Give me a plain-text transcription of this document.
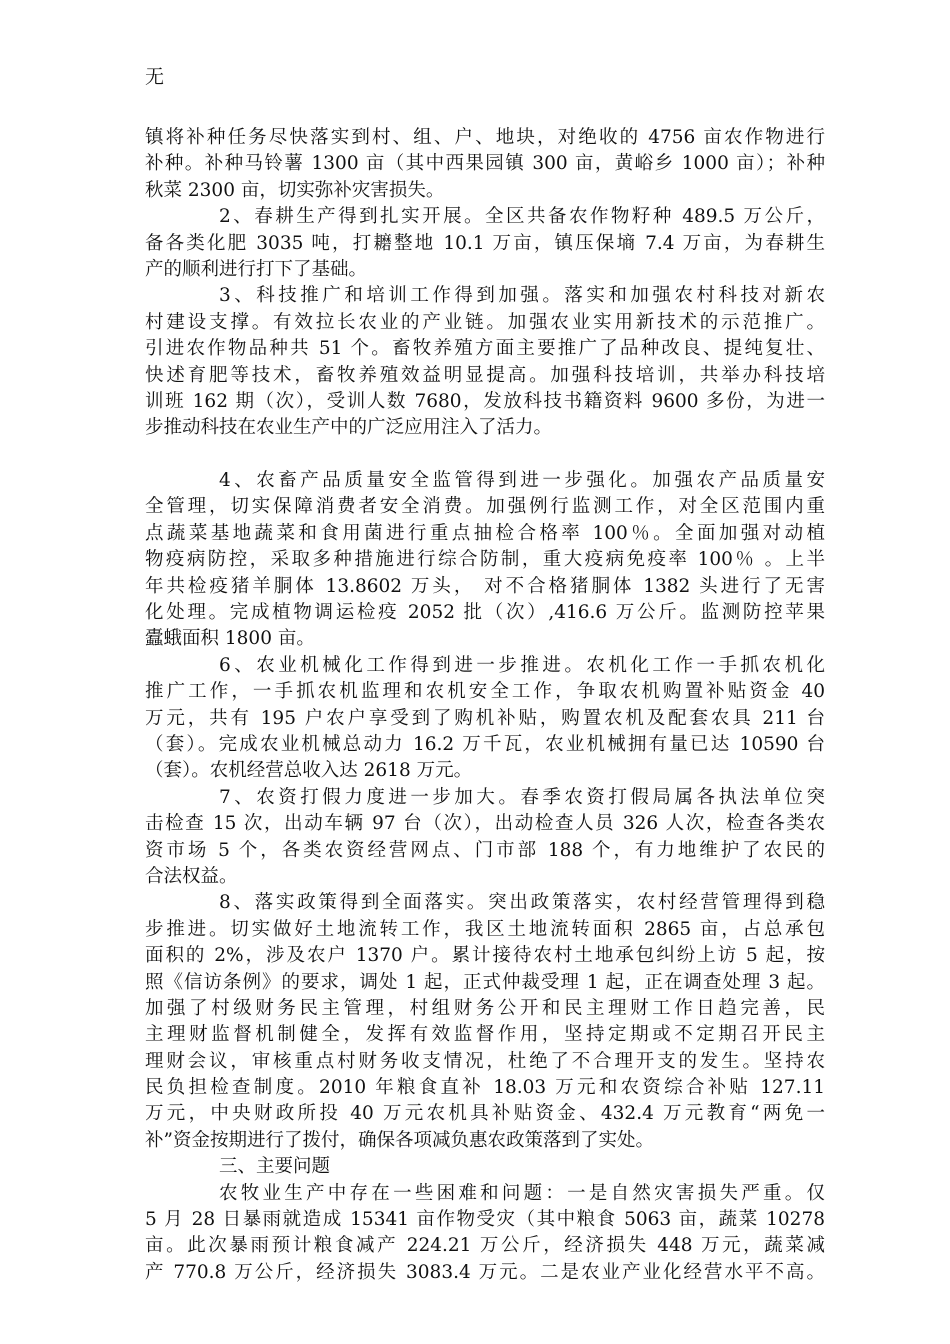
无
镇将补种任务尽快落实到村、组、户、地块，对绝收的 4756 亩农作物进行
补种。补种马铃薯 1300 亩（其中西果园镇 300 亩，黄峪乡 1000 亩）；补种
秋菜 2300 亩，切实弥补灾害损失。
2、春耕生产得到扎实开展。全区共备农作物籽种 489.5 万公斤，
备各类化肥 3035 吨，打耱整地 10.1 万亩，镇压保墒 7.4 万亩，为春耕生
产的顺利进行打下了基础。
3、科技推广和培训工作得到加强。落实和加强农村科技对新农
村建设支撑。有效拉长农业的产业链。加强农业实用新技术的示范推广。
引进农作物品种共 51 个。畜牧养殖方面主要推广了品种改良、提纯复壮、
快述育肥等技术，畜牧养殖效益明显提高。加强科技培训，共举办科技培
训班 162 期（次），受训人数 7680，发放科技书籍资料 9600 多份，为进一
步推动科技在农业生产中的广泛应用注入了活力。
4、农畜产品质量安全监管得到进一步强化。加强农产品质量安
全管理，切实保障消费者安全消费。加强例行监测工作，对全区范围内重
点蔬菜基地蔬菜和食用菌进行重点抽检合格率 100％。全面加强对动植
物疫病防控，采取多种措施进行综合防制，重大疫病免疫率 100％ 。上半
年共检疫猪羊胴体 13.8602 万头， 对不合格猪胴体 1382 头进行了无害
化处理。完成植物调运检疫 2052 批（次）,416.6 万公斤。监测防控苹果
蠹蛾面积 1800 亩。
6、农业机械化工作得到进一步推进。农机化工作一手抓农机化
推广工作，一手抓农机监理和农机安全工作，争取农机购置补贴资金 40
万元，共有 195 户农户享受到了购机补贴，购置农机及配套农具 211 台
（套）。完成农业机械总动力 16.2 万千瓦，农业机械拥有量已达 10590 台
（套）。农机经营总收入达 2618 万元。
7、农资打假力度进一步加大。春季农资打假局属各执法单位突
击检查 15 次，出动车辆 97 台（次），出动检查人员 326 人次，检查各类农
资市场 5 个，各类农资经营网点、门市部 188 个，有力地维护了农民的
合法权益。
8、落实政策得到全面落实。突出政策落实，农村经营管理得到稳
步推进。切实做好土地流转工作，我区土地流转面积 2865 亩，占总承包
面积的 2%，涉及农户 1370 户。累计接待农村土地承包纠纷上访 5 起，按
照《信访条例》的要求，调处 1 起，正式仲裁受理 1 起，正在调查处理 3 起。
加强了村级财务民主管理，村组财务公开和民主理财工作日趋完善，民
主理财监督机制健全，发挥有效监督作用，坚持定期或不定期召开民主
理财会议，审核重点村财务收支情况，杜绝了不合理开支的发生。坚持农
民负担检查制度。2010 年粮食直补 18.03 万元和农资综合补贴 127.11
万元，中央财政所投 40 万元农机具补贴资金、432.4 万元教育“两免一
补”资金按期进行了拨付，确保各项减负惠农政策落到了实处。
三、主要问题
农牧业生产中存在一些困难和问题：一是自然灾害损失严重。仅
5 月 28 日暴雨就造成 15341 亩作物受灾（其中粮食 5063 亩，蔬菜 10278
亩。此次暴雨预计粮食减产 224.21 万公斤，经济损失 448 万元，蔬菜减
产 770.8 万公斤，经济损失 3083.4 万元。二是农业产业化经营水平不高。
